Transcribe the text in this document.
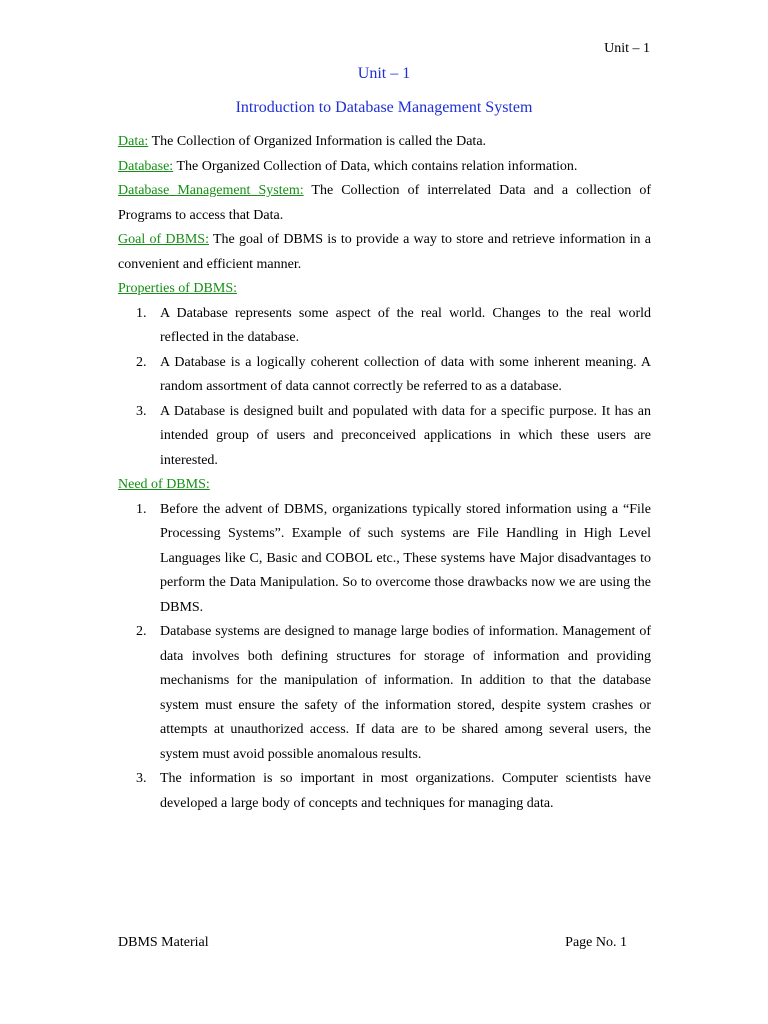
Unit – 1
Unit – 1
Introduction to Database Management System

Data: The Collection of Organized Information is called the Data.

Database: The Organized Collection of Data, which contains relation information.

Database Management System: The Collection of interrelated Data and a collection of Programs to access that Data.

Goal of DBMS: The goal of DBMS is to provide a way to store and retrieve information in a convenient and efficient manner.

Properties of DBMS:

1. A Database represents some aspect of the real world. Changes to the real world reflected in the database.
2. A Database is a logically coherent collection of data with some inherent meaning. A random assortment of data cannot correctly be referred to as a database.
3. A Database is designed built and populated with data for a specific purpose. It has an intended group of users and preconceived applications in which these users are interested.

Need of DBMS:

1. Before the advent of DBMS, organizations typically stored information using a “File Processing Systems”. Example of such systems are File Handling in High Level Languages like C, Basic and COBOL etc., These systems have Major disadvantages to perform the Data Manipulation. So to overcome those drawbacks now we are using the DBMS.
2. Database systems are designed to manage large bodies of information. Management of data involves both defining structures for storage of information and providing mechanisms for the manipulation of information. In addition to that the database system must ensure the safety of the information stored, despite system crashes or attempts at unauthorized access. If data are to be shared among several users, the system must avoid possible anomalous results.
3. The information is so important in most organizations. Computer scientists have developed a large body of concepts and techniques for managing data.
DBMS Material	Page No. 1
